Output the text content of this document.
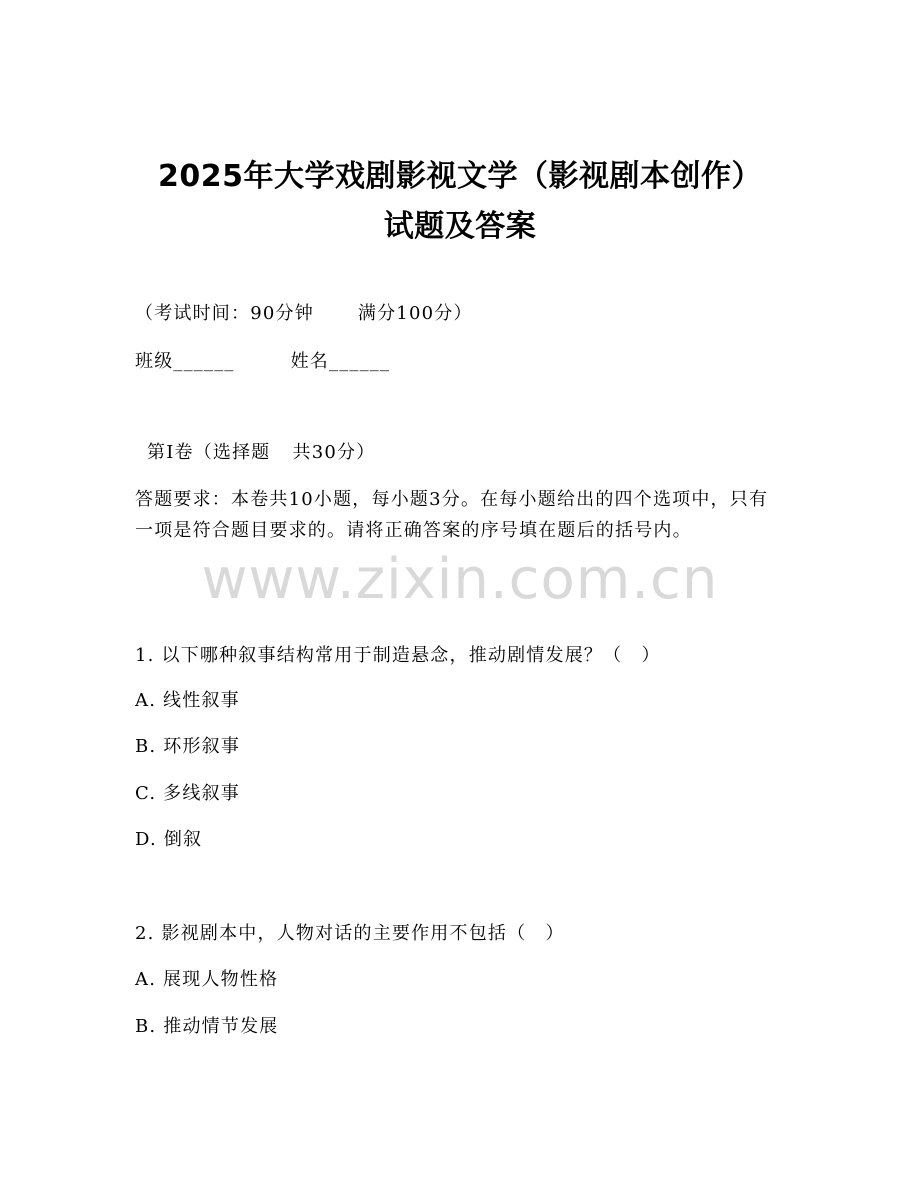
2025年大学戏剧影视文学（影视剧本创作）
试题及答案
（考试时间：90分钟 满分100分）
班级______	姓名______
第Ⅰ卷（选择题 共30分）
答题要求：本卷共10小题，每小题3分。在每小题给出的四个选项中，只有一项是符合题目要求的。请将正确答案的序号填在题后的括号内。
www.zixin.com.cn
1. 以下哪种叙事结构常用于制造悬念，推动剧情发展？（　）
A. 线性叙事
B. 环形叙事
C. 多线叙事
D. 倒叙
2. 影视剧本中，人物对话的主要作用不包括（　）
A. 展现人物性格
B. 推动情节发展
